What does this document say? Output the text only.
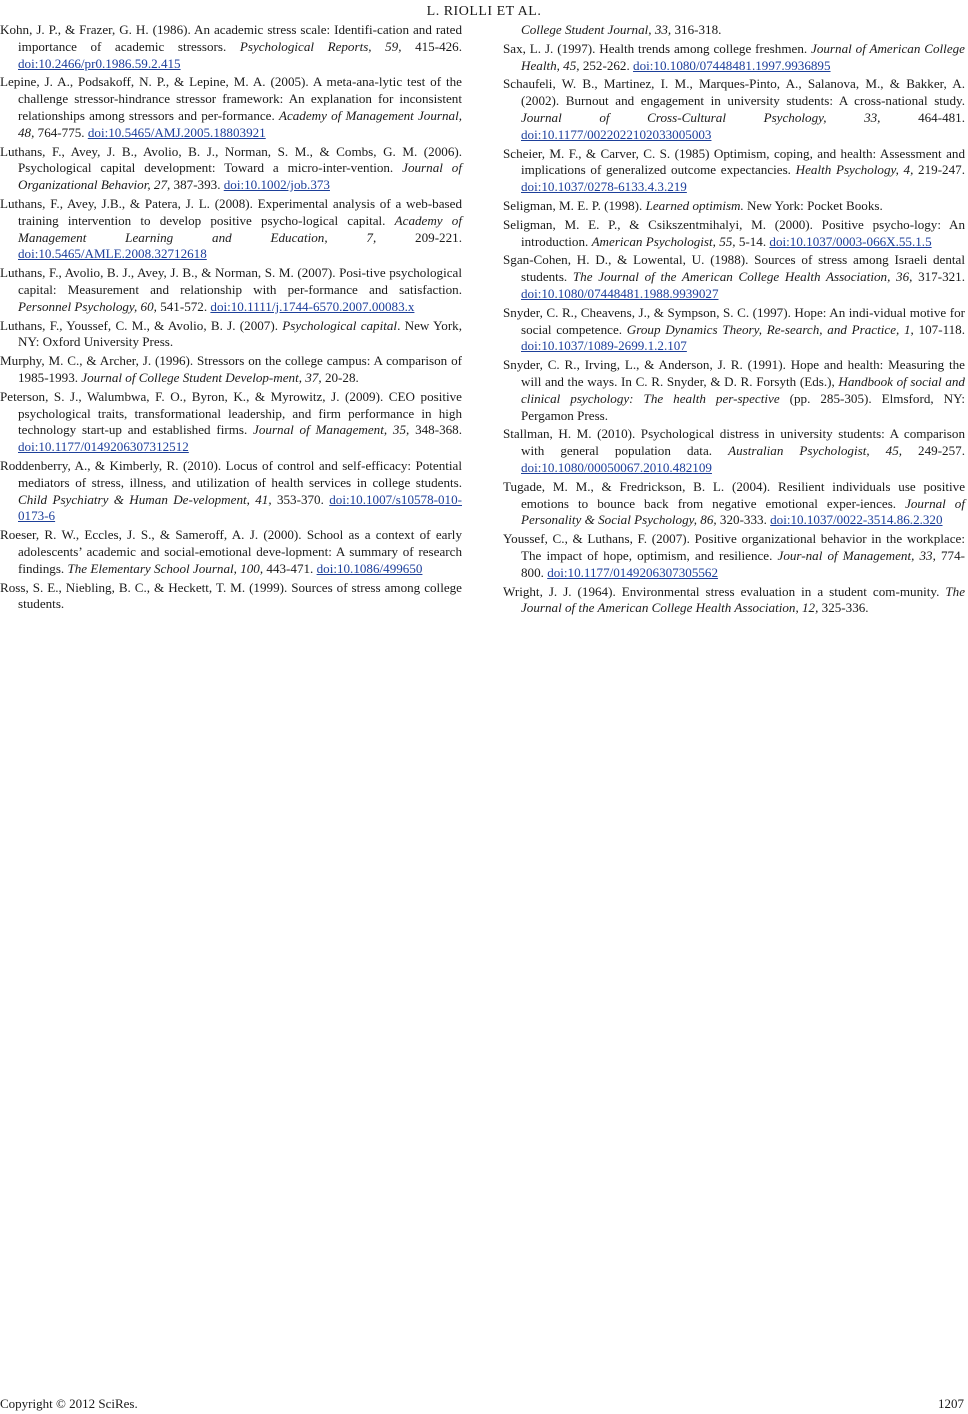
L. RIOLLI ET AL.

Kohn, J. P., & Frazer, G. H. (1986). An academic stress scale: Identifi-cation and rated importance of academic stressors. Psychological Reports, 59, 415-426. doi:10.2466/pr0.1986.59.2.415

Lepine, J. A., Podsakoff, N. P., & Lepine, M. A. (2005). A meta-ana-lytic test of the challenge stressor-hindrance stressor framework: An explanation for inconsistent relationships among stressors and per-formance. Academy of Management Journal, 48, 764-775. doi:10.5465/AMJ.2005.18803921

Luthans, F., Avey, J. B., Avolio, B. J., Norman, S. M., & Combs, G. M. (2006). Psychological capital development: Toward a micro-inter-vention. Journal of Organizational Behavior, 27, 387-393. doi:10.1002/job.373

Luthans, F., Avey, J.B., & Patera, J. L. (2008). Experimental analysis of a web-based training intervention to develop positive psycho-logical capital. Academy of Management Learning and Education, 7, 209-221. doi:10.5465/AMLE.2008.32712618

Luthans, F., Avolio, B. J., Avey, J. B., & Norman, S. M. (2007). Posi-tive psychological capital: Measurement and relationship with per-formance and satisfaction. Personnel Psychology, 60, 541-572. doi:10.1111/j.1744-6570.2007.00083.x

Luthans, F., Youssef, C. M., & Avolio, B. J. (2007). Psychological capital. New York, NY: Oxford University Press.

Murphy, M. C., & Archer, J. (1996). Stressors on the college campus: A comparison of 1985-1993. Journal of College Student Develop-ment, 37, 20-28.

Peterson, S. J., Walumbwa, F. O., Byron, K., & Myrowitz, J. (2009). CEO positive psychological traits, transformational leadership, and firm performance in high technology start-up and established firms. Journal of Management, 35, 348-368. doi:10.1177/0149206307312512

Roddenberry, A., & Kimberly, R. (2010). Locus of control and self-efficacy: Potential mediators of stress, illness, and utilization of health services in college students. Child Psychiatry & Human De-velopment, 41, 353-370. doi:10.1007/s10578-010-0173-6

Roeser, R. W., Eccles, J. S., & Sameroff, A. J. (2000). School as a context of early adolescents’ academic and social-emotional deve-lopment: A summary of research findings. The Elementary School Journal, 100, 443-471. doi:10.1086/499650

Ross, S. E., Niebling, B. C., & Heckett, T. M. (1999). Sources of stress among college students.

College Student Journal, 33, 316-318.

Sax, L. J. (1997). Health trends among college freshmen. Journal of American College Health, 45, 252-262. doi:10.1080/07448481.1997.9936895

Schaufeli, W. B., Martinez, I. M., Marques-Pinto, A., Salanova, M., & Bakker, A. (2002). Burnout and engagement in university students: A cross-national study. Journal of Cross-Cultural Psychology, 33, 464-481. doi:10.1177/0022022102033005003

Scheier, M. F., & Carver, C. S. (1985) Optimism, coping, and health: Assessment and implications of generalized outcome expectancies. Health Psychology, 4, 219-247. doi:10.1037/0278-6133.4.3.219

Seligman, M. E. P. (1998). Learned optimism. New York: Pocket Books.

Seligman, M. E. P., & Csikszentmihalyi, M. (2000). Positive psycho-logy: An introduction. American Psychologist, 55, 5-14. doi:10.1037/0003-066X.55.1.5

Sgan-Cohen, H. D., & Lowental, U. (1988). Sources of stress among Israeli dental students. The Journal of the American College Health Association, 36, 317-321. doi:10.1080/07448481.1988.9939027

Snyder, C. R., Cheavens, J., & Sympson, S. C. (1997). Hope: An indi-vidual motive for social competence. Group Dynamics Theory, Re-search, and Practice, 1, 107-118. doi:10.1037/1089-2699.1.2.107

Snyder, C. R., Irving, L., & Anderson, J. R. (1991). Hope and health: Measuring the will and the ways. In C. R. Snyder, & D. R. Forsyth (Eds.), Handbook of social and clinical psychology: The health per-spective (pp. 285-305). Elmsford, NY: Pergamon Press.

Stallman, H. M. (2010). Psychological distress in university students: A comparison with general population data. Australian Psychologist, 45, 249-257. doi:10.1080/00050067.2010.482109

Tugade, M. M., & Fredrickson, B. L. (2004). Resilient individuals use positive emotions to bounce back from negative emotional exper-iences. Journal of Personality & Social Psychology, 86, 320-333. doi:10.1037/0022-3514.86.2.320

Youssef, C., & Luthans, F. (2007). Positive organizational behavior in the workplace: The impact of hope, optimism, and resilience. Jour-nal of Management, 33, 774-800. doi:10.1177/0149206307305562

Wright, J. J. (1964). Environmental stress evaluation in a student com-munity. The Journal of the American College Health Association, 12, 325-336.

Copyright © 2012 SciRes.	1207
